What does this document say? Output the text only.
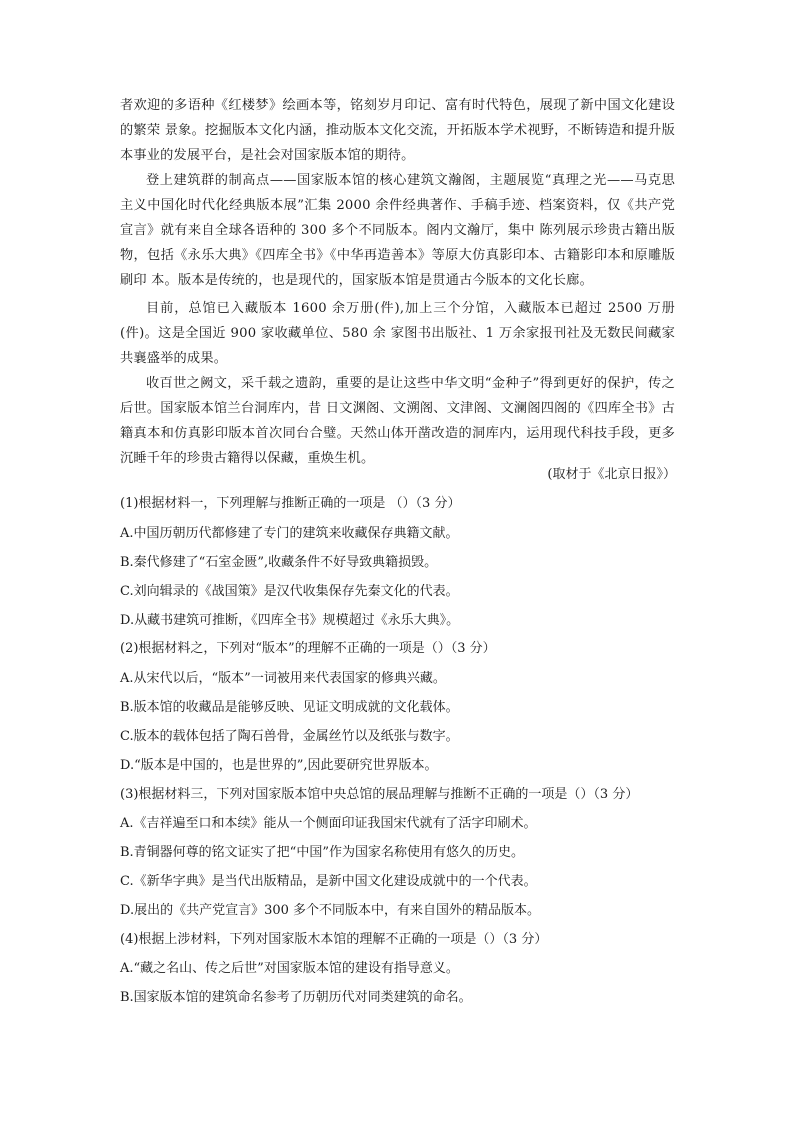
者欢迎的多语种《红楼梦》绘画本等，铭刻岁月印记、富有时代特色，展现了新中国文化建设的繁荣 景象。挖掘版本文化内涵，推动版本文化交流，开拓版本学术视野，不断铸造和提升版本事业的发展平台，是社会对国家版本馆的期待。

登上建筑群的制高点——国家版本馆的核心建筑文瀚阁，主题展览“真理之光——马克思主义中国化时代化经典版本展”汇集 2000 余件经典著作、手稿手迹、档案资料，仅《共产党宣言》就有来自全球各语种的 300 多个不同版本。阁内文瀚厅，集中 陈列展示珍贵古籍出版物，包括《永乐大典》《四库全书》《中华再造善本》等原大仿真影印本、古籍影印本和原雕版刷印 本。版本是传统的，也是现代的，国家版本馆是贯通古今版本的文化长廊。

目前，总馆已入藏版本 1600 余万册(件),加上三个分馆，入藏版本已超过 2500 万册(件)。这是全国近 900 家收藏单位、580 余 家图书出版社、1 万余家报刊社及无数民间藏家共襄盛举的成果。

收百世之阙文，采千载之遗韵，重要的是让这些中华文明“金种子”得到更好的保护，传之后世。国家版本馆兰台洞库内，昔 日文渊阁、文溯阁、文津阁、文澜阁四阁的《四库全书》古籍真本和仿真影印版本首次同台合璧。天然山体开凿改造的洞库内，运用现代科技手段，更多沉睡千年的珍贵古籍得以保藏，重焕生机。

(取材于《北京日报》）

(1)根据材料一，下列理解与推断正确的一项是 （）（3 分）

A.中国历朝历代都修建了专门的建筑来收藏保存典籍文献。

B.秦代修建了“石室金匮”,收藏条件不好导致典籍损毁。

C.刘向辑录的《战国策》是汉代收集保存先秦文化的代表。

D.从藏书建筑可推断，《四库全书》规模超过《永乐大典》。

(2)根据材料之，下列对“版本”的理解不正确的一项是（）（3 分）

A.从宋代以后，“版本”一词被用来代表国家的修典兴藏。

B.版本馆的收藏品是能够反映、见证文明成就的文化载体。

C.版本的载体包括了陶石兽骨，金属丝竹以及纸张与数字。

D.“版本是中国的，也是世界的”,因此要研究世界版本。

(3)根据材料三，下列对国家版本馆中央总馆的展品理解与推断不正确的一项是（）（3 分）

A.《吉祥遍至口和本续》能从一个侧面印证我国宋代就有了活字印刷术。

B.青铜器何尊的铭文证实了把“中国”作为国家名称使用有悠久的历史。

C.《新华字典》是当代出版精品，是新中国文化建设成就中的一个代表。

D.展出的《共产党宣言》300 多个不同版本中，有来自国外的精品版本。

(4)根据上涉材料，下列对国家版木本馆的理解不正确的一项是（）（3 分）

A.“藏之名山、传之后世”对国家版本馆的建设有指导意义。

B.国家版本馆的建筑命名参考了历朝历代对同类建筑的命名。
